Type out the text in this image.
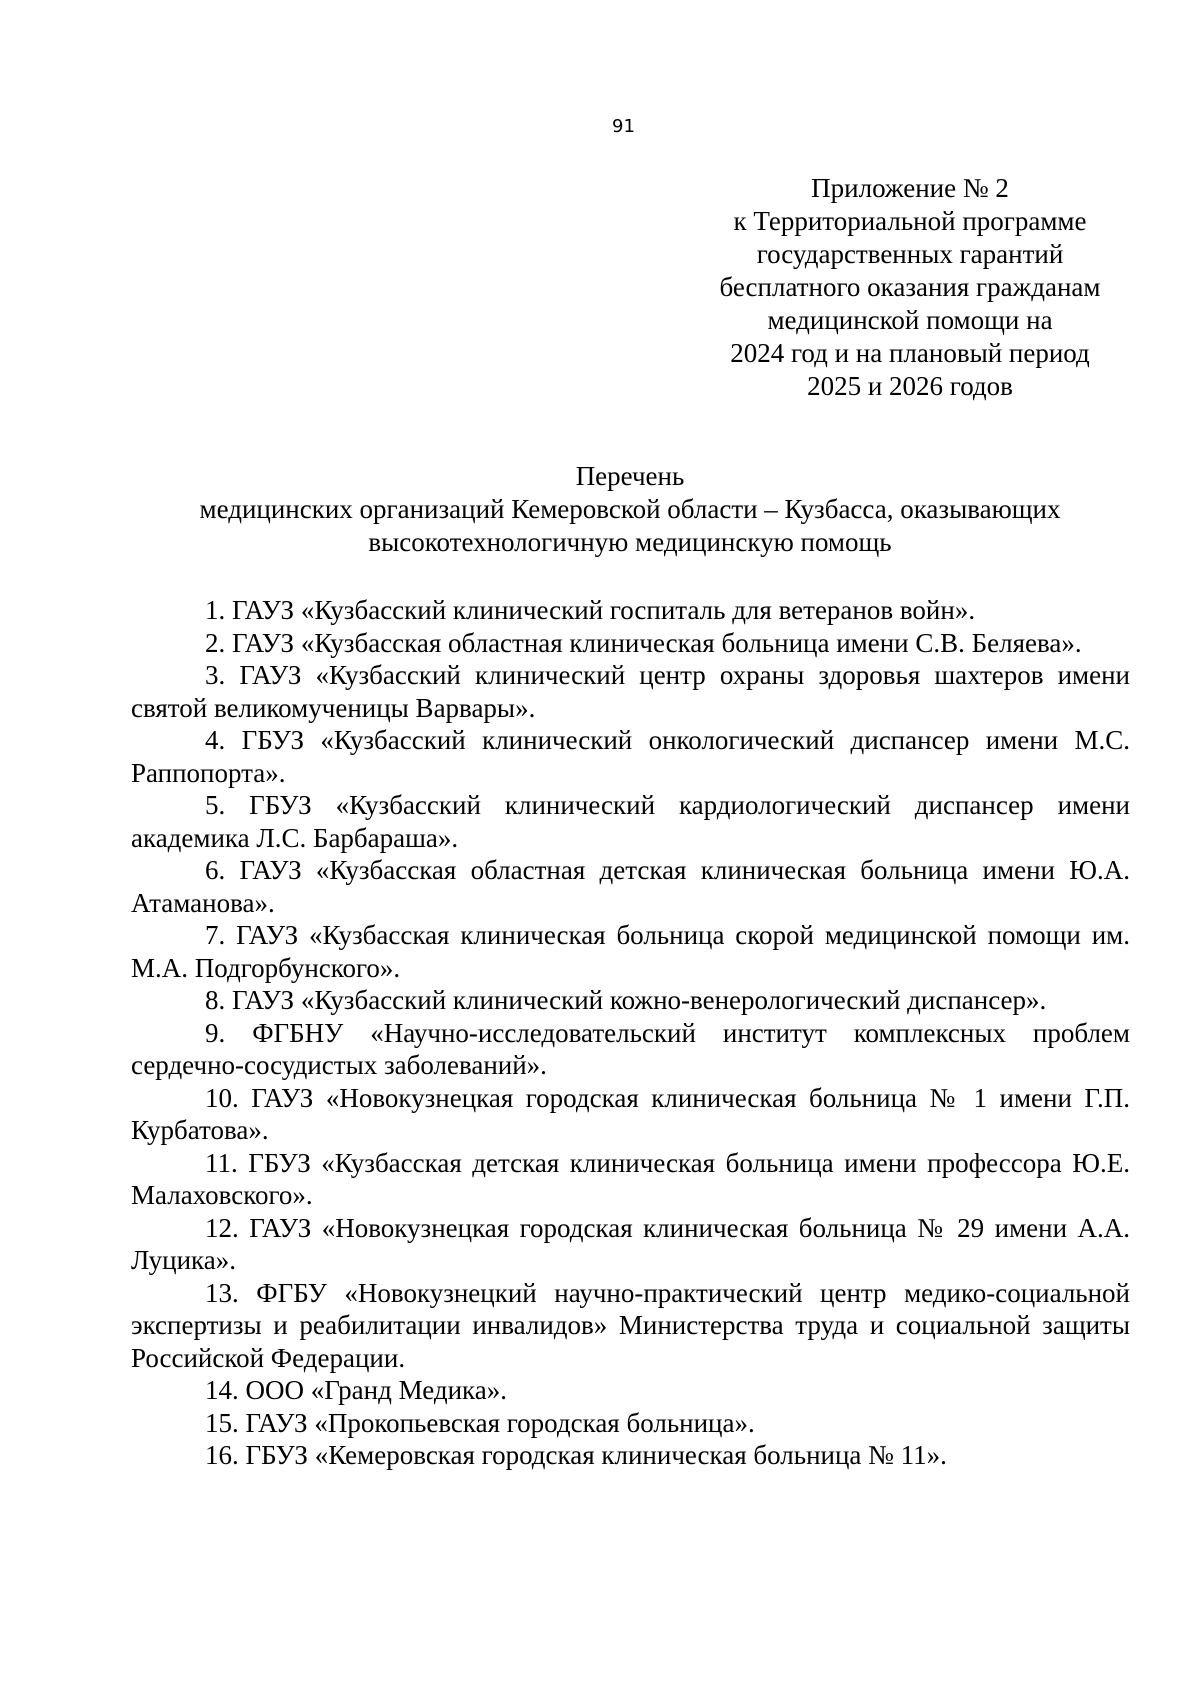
91
Приложение № 2
к Территориальной программе
государственных гарантий
бесплатного оказания гражданам
медицинской помощи на
2024 год и на плановый период
2025 и 2026 годов
Перечень
медицинских организаций Кемеровской области – Кузбасса, оказывающих
высокотехнологичную медицинскую помощь
1. ГАУЗ «Кузбасский клинический госпиталь для ветеранов войн».
2. ГАУЗ «Кузбасская областная клиническая больница имени С.В. Беляева».
3. ГАУЗ «Кузбасский клинический центр охраны здоровья шахтеров имени святой великомученицы Варвары».
4. ГБУЗ «Кузбасский клинический онкологический диспансер имени М.С. Раппопорта».
5. ГБУЗ «Кузбасский клинический кардиологический диспансер имени академика Л.С. Барбараша».
6. ГАУЗ «Кузбасская областная детская клиническая больница имени Ю.А. Атаманова».
7. ГАУЗ «Кузбасская клиническая больница скорой медицинской помощи им. М.А. Подгорбунского».
8. ГАУЗ «Кузбасский клинический кожно-венерологический диспансер».
9. ФГБНУ «Научно-исследовательский институт комплексных проблем сердечно-сосудистых заболеваний».
10. ГАУЗ «Новокузнецкая городская клиническая больница № 1 имени Г.П. Курбатова».
11. ГБУЗ «Кузбасская детская клиническая больница имени профессора Ю.Е. Малаховского».
12. ГАУЗ «Новокузнецкая городская клиническая больница № 29 имени А.А. Луцика».
13. ФГБУ «Новокузнецкий научно-практический центр медико-социальной экспертизы и реабилитации инвалидов» Министерства труда и социальной защиты Российской Федерации.
14. ООО «Гранд Медика».
15. ГАУЗ «Прокопьевская городская больница».
16. ГБУЗ «Кемеровская городская клиническая больница № 11».
